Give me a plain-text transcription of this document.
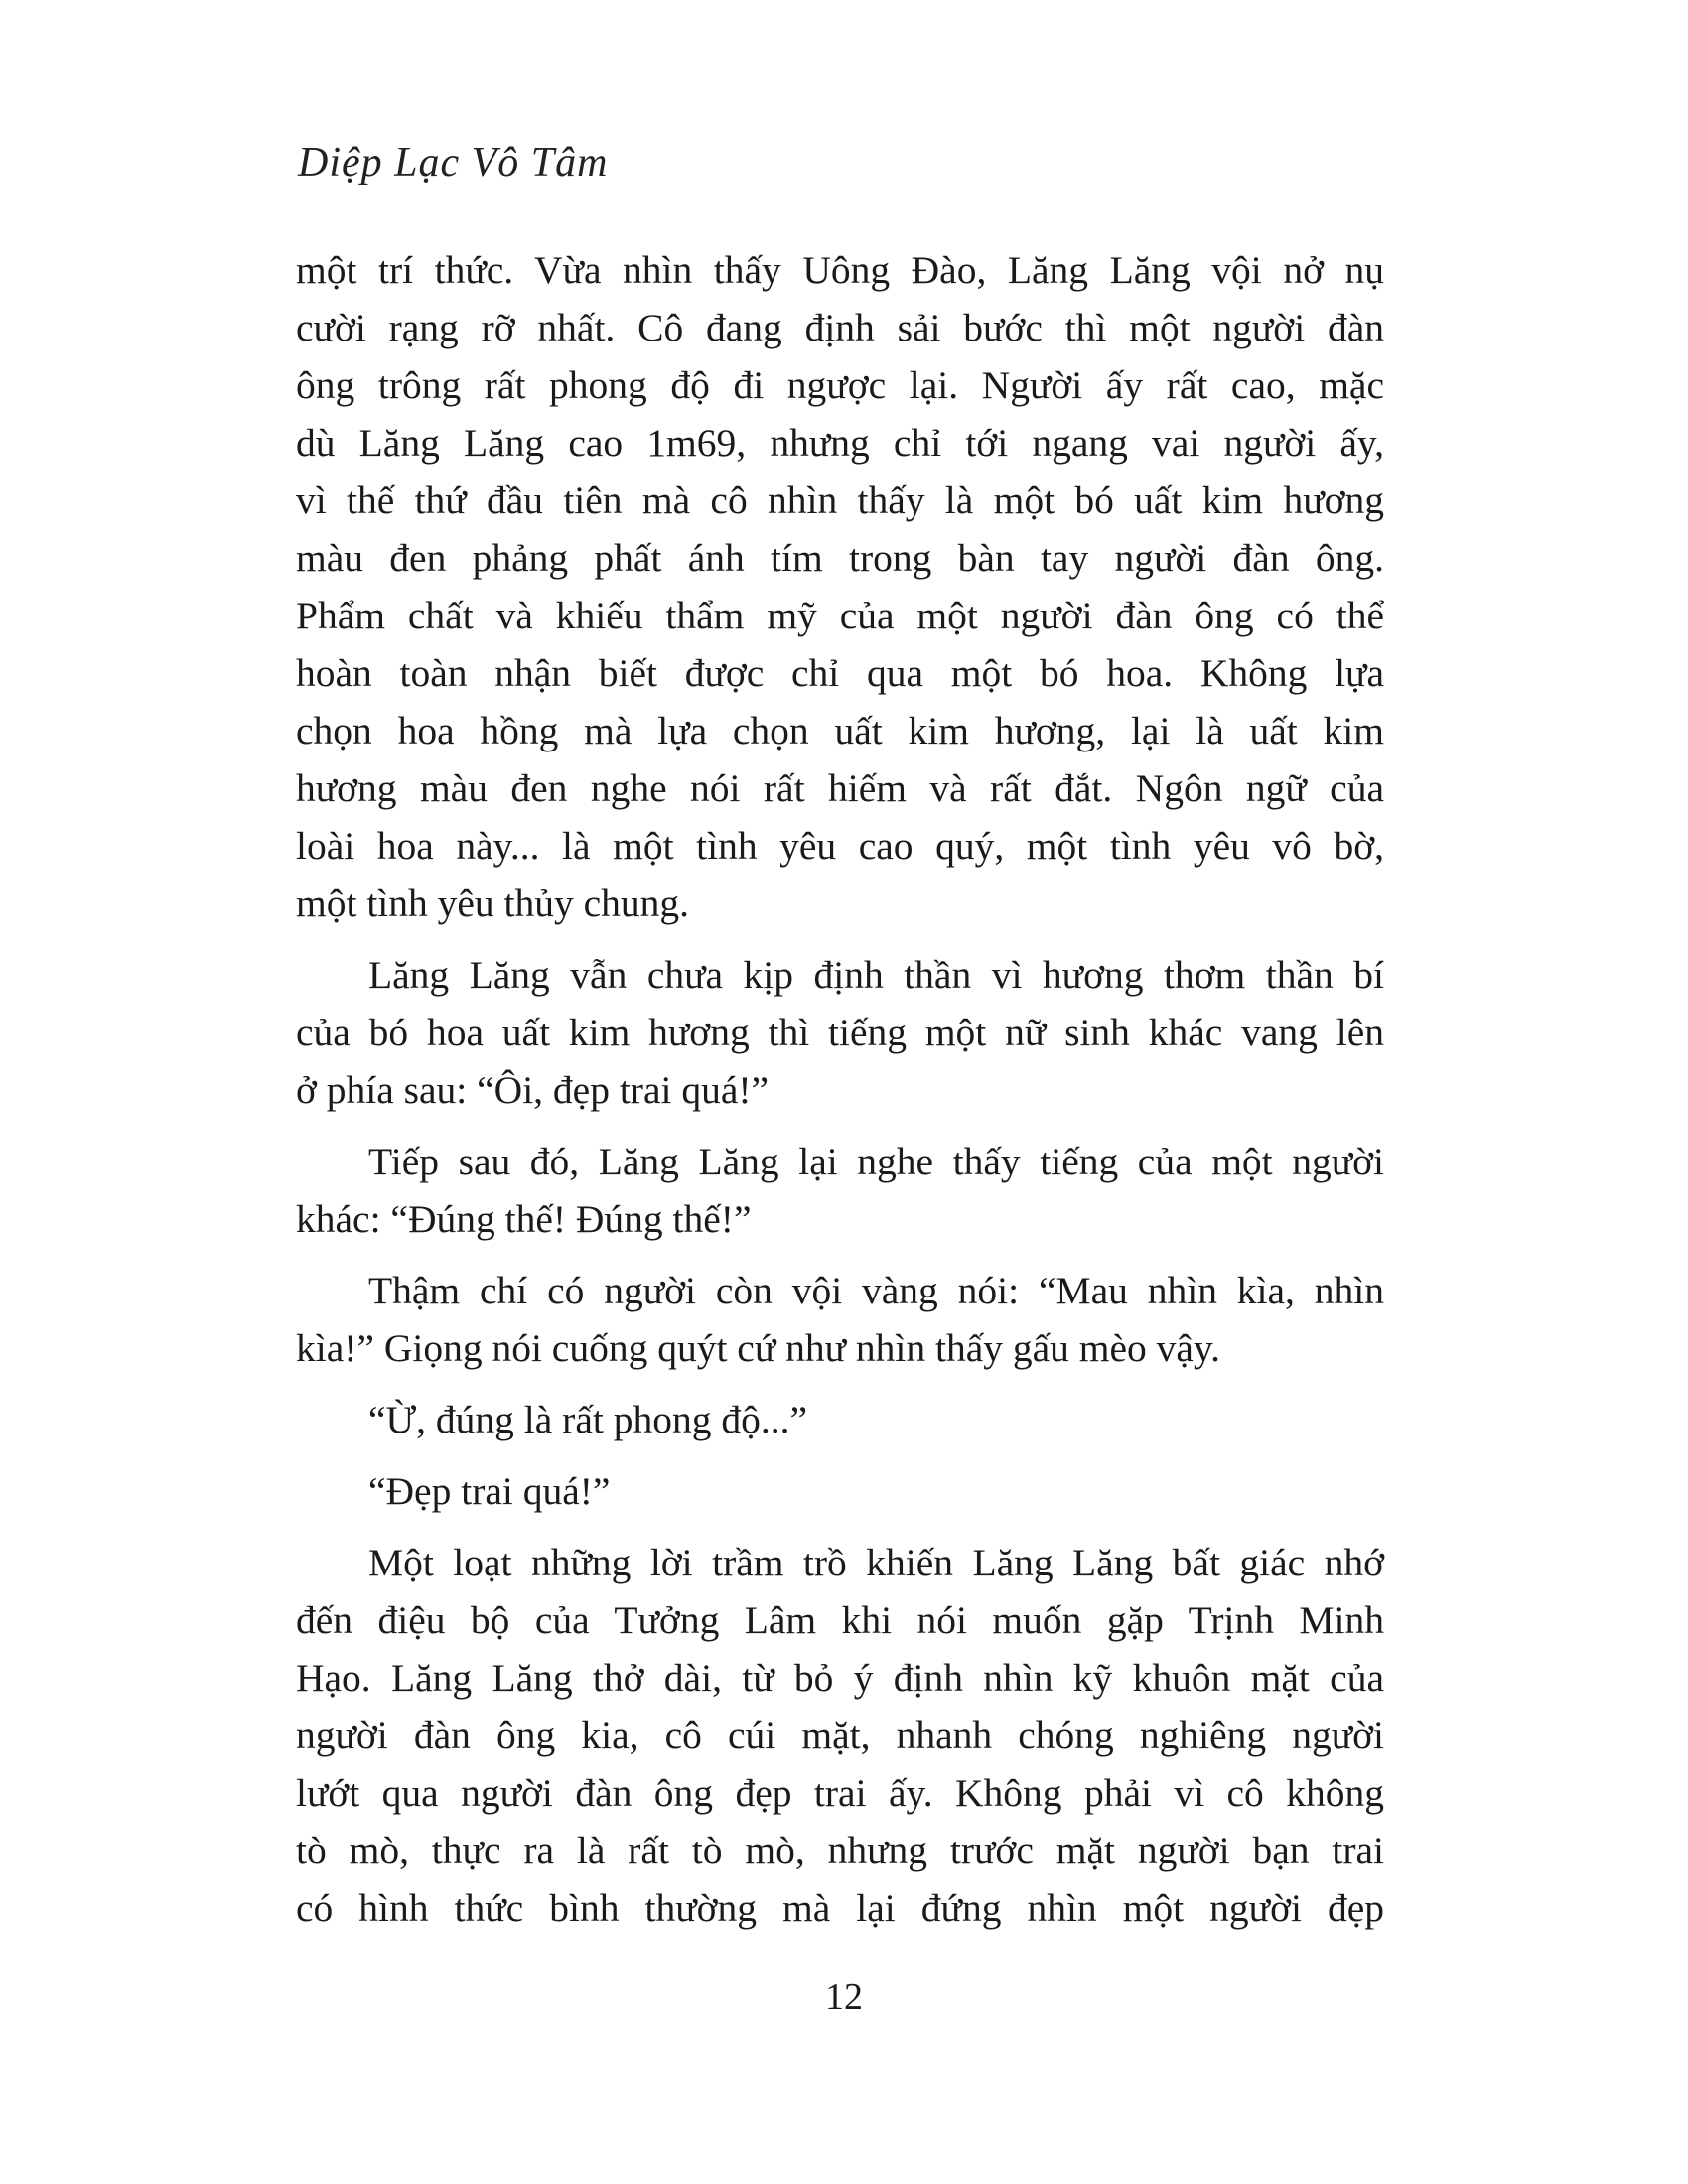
Diệp Lạc Vô Tâm
một trí thức. Vừa nhìn thấy Uông Đào, Lăng Lăng vội nở nụ
cười rạng rỡ nhất. Cô đang định sải bước thì một người đàn
ông trông rất phong độ đi ngược lại. Người ấy rất cao, mặc
dù Lăng Lăng cao 1m69, nhưng chỉ tới ngang vai người ấy,
vì thế thứ đầu tiên mà cô nhìn thấy là một bó uất kim hương
màu đen phảng phất ánh tím trong bàn tay người đàn ông.
Phẩm chất và khiếu thẩm mỹ của một người đàn ông có thể
hoàn toàn nhận biết được chỉ qua một bó hoa. Không lựa
chọn hoa hồng mà lựa chọn uất kim hương, lại là uất kim
hương màu đen nghe nói rất hiếm và rất đắt. Ngôn ngữ của
loài hoa này... là một tình yêu cao quý, một tình yêu vô bờ,
một tình yêu thủy chung.
Lăng Lăng vẫn chưa kịp định thần vì hương thơm thần bí
của bó hoa uất kim hương thì tiếng một nữ sinh khác vang lên
ở phía sau: “Ôi, đẹp trai quá!”
Tiếp sau đó, Lăng Lăng lại nghe thấy tiếng của một người
khác: “Đúng thế! Đúng thế!”
Thậm chí có người còn vội vàng nói: “Mau nhìn kìa, nhìn
kìa!” Giọng nói cuống quýt cứ như nhìn thấy gấu mèo vậy.
“Ừ, đúng là rất phong độ...”
“Đẹp trai quá!”
Một loạt những lời trầm trồ khiến Lăng Lăng bất giác nhớ
đến điệu bộ của Tưởng Lâm khi nói muốn gặp Trịnh Minh
Hạo. Lăng Lăng thở dài, từ bỏ ý định nhìn kỹ khuôn mặt của
người đàn ông kia, cô cúi mặt, nhanh chóng nghiêng người
lướt qua người đàn ông đẹp trai ấy. Không phải vì cô không
tò mò, thực ra là rất tò mò, nhưng trước mặt người bạn trai
có hình thức bình thường mà lại đứng nhìn một người đẹp
12
